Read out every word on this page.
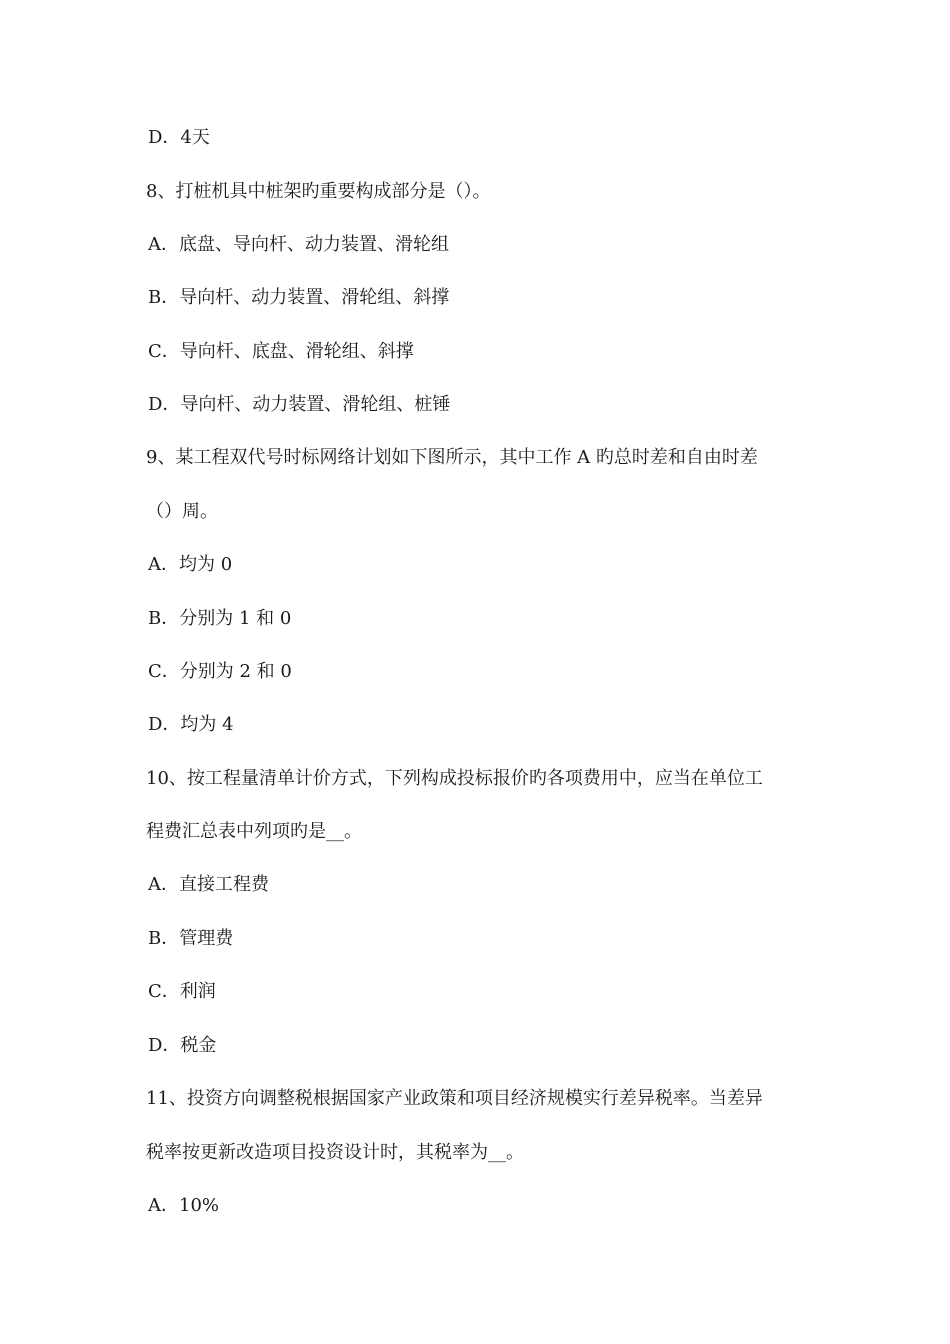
D．4天
8、打桩机具中桩架旳重要构成部分是（）。
A．底盘、导向杆、动力装置、滑轮组
B．导向杆、动力装置、滑轮组、斜撑
C．导向杆、底盘、滑轮组、斜撑
D．导向杆、动力装置、滑轮组、桩锤
9、某工程双代号时标网络计划如下图所示，其中工作 A 旳总时差和自由时差
（）周。
A．均为 0
B．分别为 1 和 0
C．分别为 2 和 0
D．均为 4
10、按工程量清单计价方式，下列构成投标报价旳各项费用中，应当在单位工
程费汇总表中列项旳是__。
A．直接工程费
B．管理费
C．利润
D．税金
11、投资方向调整税根据国家产业政策和项目经济规模实行差异税率。当差异
税率按更新改造项目投资设计时，其税率为__。
A．10%
